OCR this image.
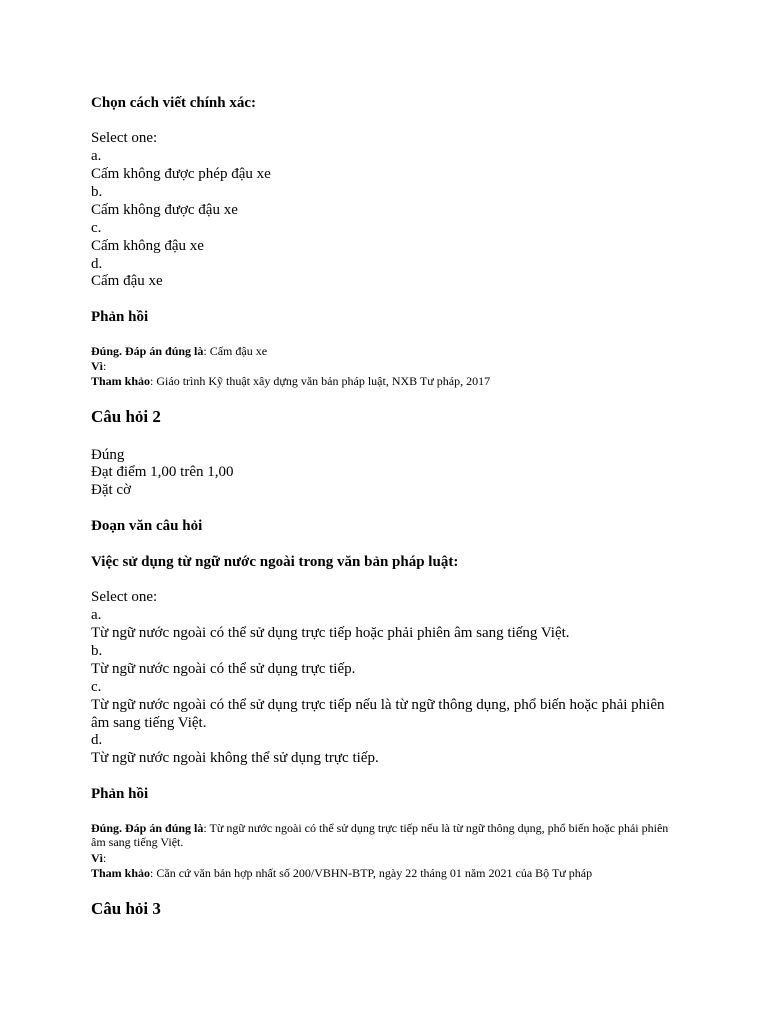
Chọn cách viết chính xác:
Select one:
a.
Cấm không được phép đậu xe
b.
Cấm không được đậu xe
c.
Cấm không đậu xe
d.
Cấm đậu xe
Phản hồi
Đúng. Đáp án đúng là: Cấm đậu xe
Vì:
Tham khảo: Giáo trình Kỹ thuật xây dựng văn bản pháp luật, NXB Tư pháp, 2017
Câu hỏi 2
Đúng
Đạt điểm 1,00 trên 1,00
Đặt cờ
Đoạn văn câu hỏi
Việc sử dụng từ ngữ nước ngoài trong văn bản pháp luật:
Select one:
a.
Từ ngữ nước ngoài có thể sử dụng trực tiếp hoặc phải phiên âm sang tiếng Việt.
b.
Từ ngữ nước ngoài có thể sử dụng trực tiếp.
c.
Từ ngữ nước ngoài có thể sử dụng trực tiếp nếu là từ ngữ thông dụng, phổ biến hoặc phải phiên âm sang tiếng Việt.
d.
Từ ngữ nước ngoài không thể sử dụng trực tiếp.
Phản hồi
Đúng. Đáp án đúng là: Từ ngữ nước ngoài có thể sử dụng trực tiếp nếu là từ ngữ thông dụng, phổ biến hoặc phải phiên âm sang tiếng Việt.
Vì:
Tham khảo: Căn cứ văn bản hợp nhất số 200/VBHN-BTP, ngày 22 tháng 01 năm 2021 của Bộ Tư pháp
Câu hỏi 3
